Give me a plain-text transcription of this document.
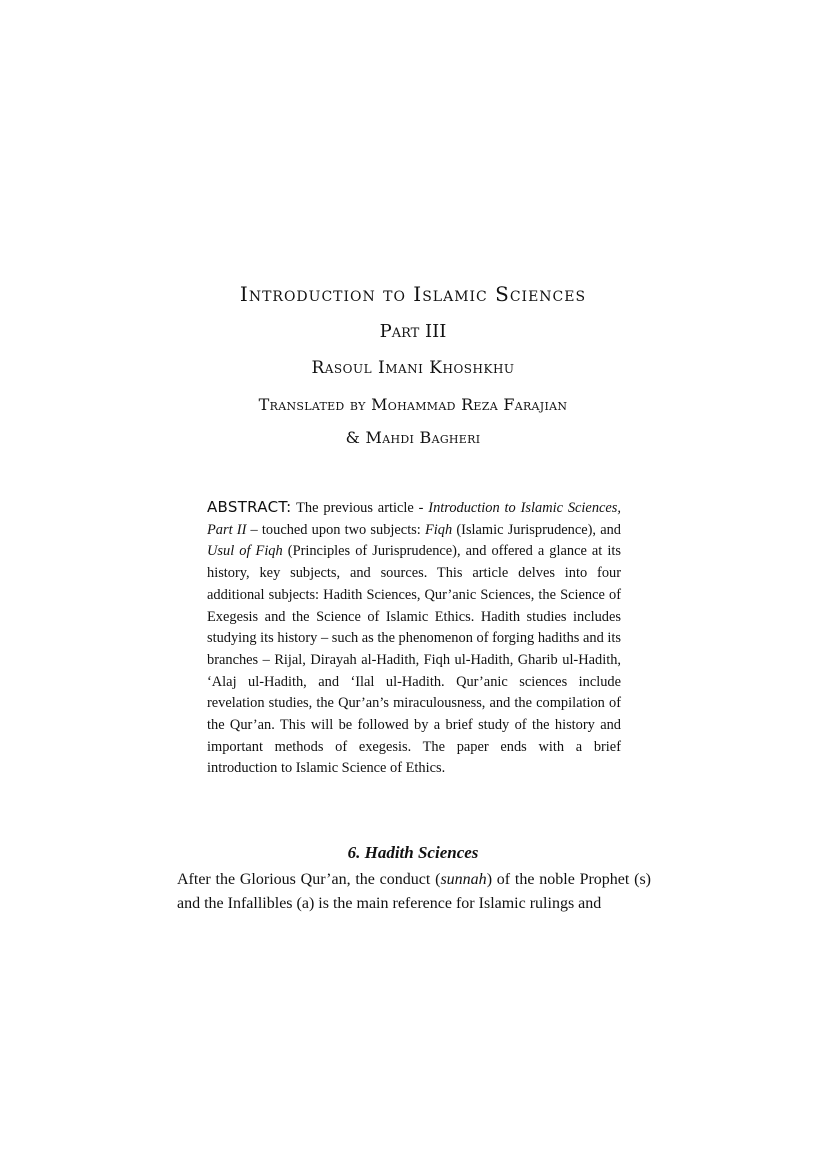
Introduction to Islamic Sciences
Part III
Rasoul Imani Khoshkhu
Translated by Mohammad Reza Farajian
& Mahdi Bagheri
ABSTRACT: The previous article - Introduction to Islamic Sciences, Part II – touched upon two subjects: Fiqh (Islamic Jurisprudence), and Usul of Fiqh (Principles of Jurisprudence), and offered a glance at its history, key subjects, and sources. This article delves into four additional subjects: Hadith Sciences, Qur’anic Sciences, the Science of Exegesis and the Science of Islamic Ethics. Hadith studies includes studying its history – such as the phenomenon of forging hadiths and its branches – Rijal, Dirayah al-Hadith, Fiqh ul-Hadith, Gharib ul-Hadith, ‘Alaj ul-Hadith, and ‘Ilal ul-Hadith. Qur’anic sciences include revelation studies, the Qur’an’s miraculousness, and the compilation of the Qur’an. This will be followed by a brief study of the history and important methods of exegesis. The paper ends with a brief introduction to Islamic Science of Ethics.
6. Hadith Sciences
After the Glorious Qur’an, the conduct (sunnah) of the noble Prophet (s) and the Infallibles (a) is the main reference for Islamic rulings and
